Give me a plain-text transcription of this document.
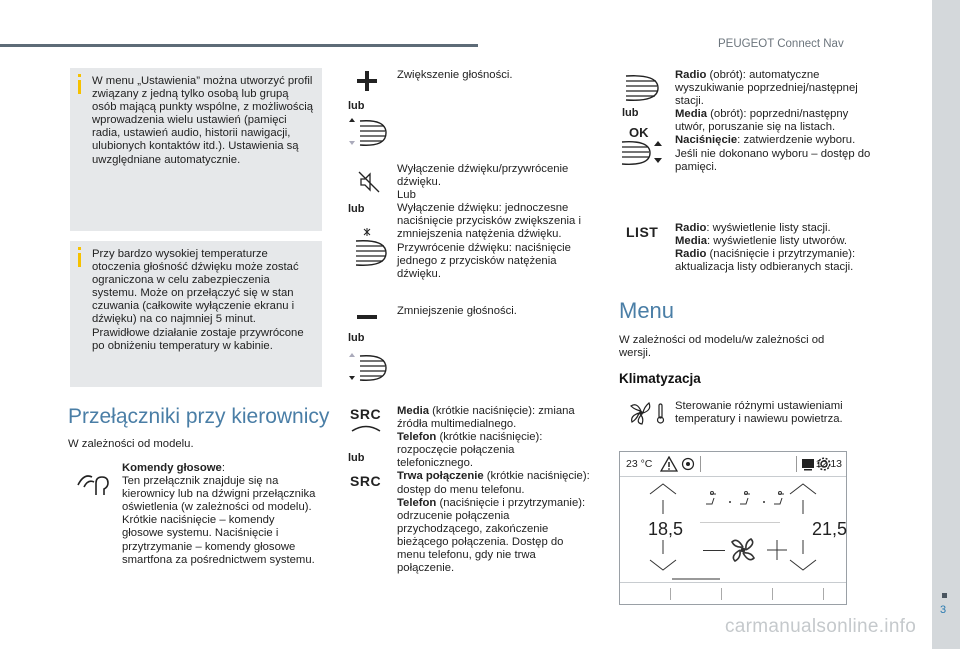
PEUGEOT Connect Nav
3
carmanualsonline.info

W menu „Ustawienia” można utworzyć profil związany z jedną tylko osobą lub grupą osób mającą punkty wspólne, z możliwością wprowadzenia wielu ustawień (pamięci radia, ustawień audio, historii nawigacji, ulubionych kontaktów itd.). Ustawienia są uwzględniane automatycznie.

Przy bardzo wysokiej temperaturze otoczenia głośność dźwięku może zostać ograniczona w celu zabezpieczenia systemu. Może on przełączyć się w stan czuwania (całkowite wyłączenie ekranu i dźwięku) na co najmniej 5 minut. Prawidłowe działanie zostaje przywrócone po obniżeniu temperatury w kabinie.

Przełączniki przy kierownicy

W zależności od modelu.

Komendy głosowe:
Ten przełącznik znajduje się na kierownicy lub na dźwigni przełącznika oświetlenia (w zależności od modelu). Krótkie naciśnięcie – komendy głosowe systemu. Naciśnięcie i przytrzymanie – komendy głosowe smartfona za pośrednictwem systemu.

lub

Zwiększenie głośności.

lub

Wyłączenie dźwięku/przywrócenie dźwięku.
Lub
Wyłączenie dźwięku: jednoczesne naciśnięcie przycisków zwiększenia i zmniejszenia natężenia dźwięku. Przywrócenie dźwięku: naciśnięcie jednego z przycisków natężenia dźwięku.

lub

Zmniejszenie głośności.

SRC
lub
SRC

Media (krótkie naciśnięcie): zmiana źródła multimedialnego.
Telefon (krótkie naciśnięcie): rozpoczęcie połączenia telefonicznego.
Trwa połączenie (krótkie naciśnięcie): dostęp do menu telefonu.
Telefon (naciśnięcie i przytrzymanie): odrzucenie połączenia przychodzącego, zakończenie bieżącego połączenia. Dostęp do menu telefonu, gdy nie trwa połączenie.

lub
OK

Radio (obrót): automatyczne wyszukiwanie poprzedniej/następnej stacji.
Media (obrót): poprzedni/następny utwór, poruszanie się na listach.
Naciśnięcie: zatwierdzenie wyboru. Jeśli nie dokonano wyboru – dostęp do pamięci.

LIST Radio: wyświetlenie listy stacji.
Media: wyświetlenie listy utworów.
Radio (naciśnięcie i przytrzymanie): aktualizacja listy odbieranych stacji.

Menu

W zależności od modelu/w zależności od wersji.

Klimatyzacja

Sterowanie różnymi ustawieniami temperatury i nawiewu powietrza.

23 °C	12:13
18,5	21,5
